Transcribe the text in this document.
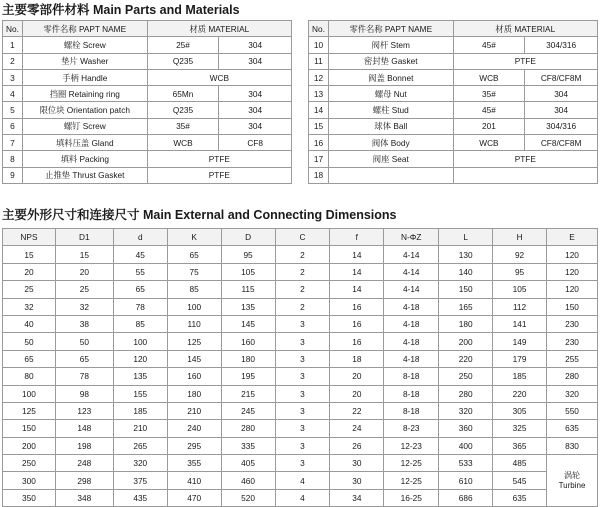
主要零部件材料 Main Parts and Materials
No.	零件名称 PAPT NAME	材质 MATERIAL	
1	螺栓 Screw	25#	304
2	垫片 Washer	Q235	304
3	手柄 Handle	WCB	
4	挡圈 Retaining ring	65Mn	304
5	限位块 Orientation patch	Q235	304
6	螺钉 Screw	35#	304
7	填料压盖 Gland	WCB	CF8
8	填料 Packing	PTFE	
9	止推垫 Thrust Gasket	PTFE	
No.	零件名称 PAPT NAME	材质 MATERIAL	
10	阀杆 Stem	45#	304/316
11	密封垫 Gasket	PTFE	
12	阀盖 Bonnet	WCB	CF8/CF8M
13	螺母 Nut	35#	304
14	螺柱 Stud	45#	304
15	球体 Ball	201	304/316
16	阀体 Body	WCB	CF8/CF8M
17	阀座 Seat	PTFE	
18			
主要外形尺寸和连接尺寸 Main External and Connecting Dimensions
NPS	D1	d	K	D	C	f	N-ΦZ	L	H	E
15	15	45	65	95	2	14	4-14	130	92	120
20	20	55	75	105	2	14	4-14	140	95	120
25	25	65	85	115	2	14	4-14	150	105	120
32	32	78	100	135	2	16	4-18	165	112	150
40	38	85	110	145	3	16	4-18	180	141	230
50	50	100	125	160	3	16	4-18	200	149	230
65	65	120	145	180	3	18	4-18	220	179	255
80	78	135	160	195	3	20	8-18	250	185	280
100	98	155	180	215	3	20	8-18	280	220	320
125	123	185	210	245	3	22	8-18	320	305	550
150	148	210	240	280	3	24	8-23	360	325	635
200	198	265	295	335	3	26	12-23	400	365	830
250	248	320	355	405	3	30	12-25	533	485	涡轮
Turbine

300	298	375	410	460	4	30	12-25	610	545	
350	348	435	470	520	4	34	16-25	686	635	
